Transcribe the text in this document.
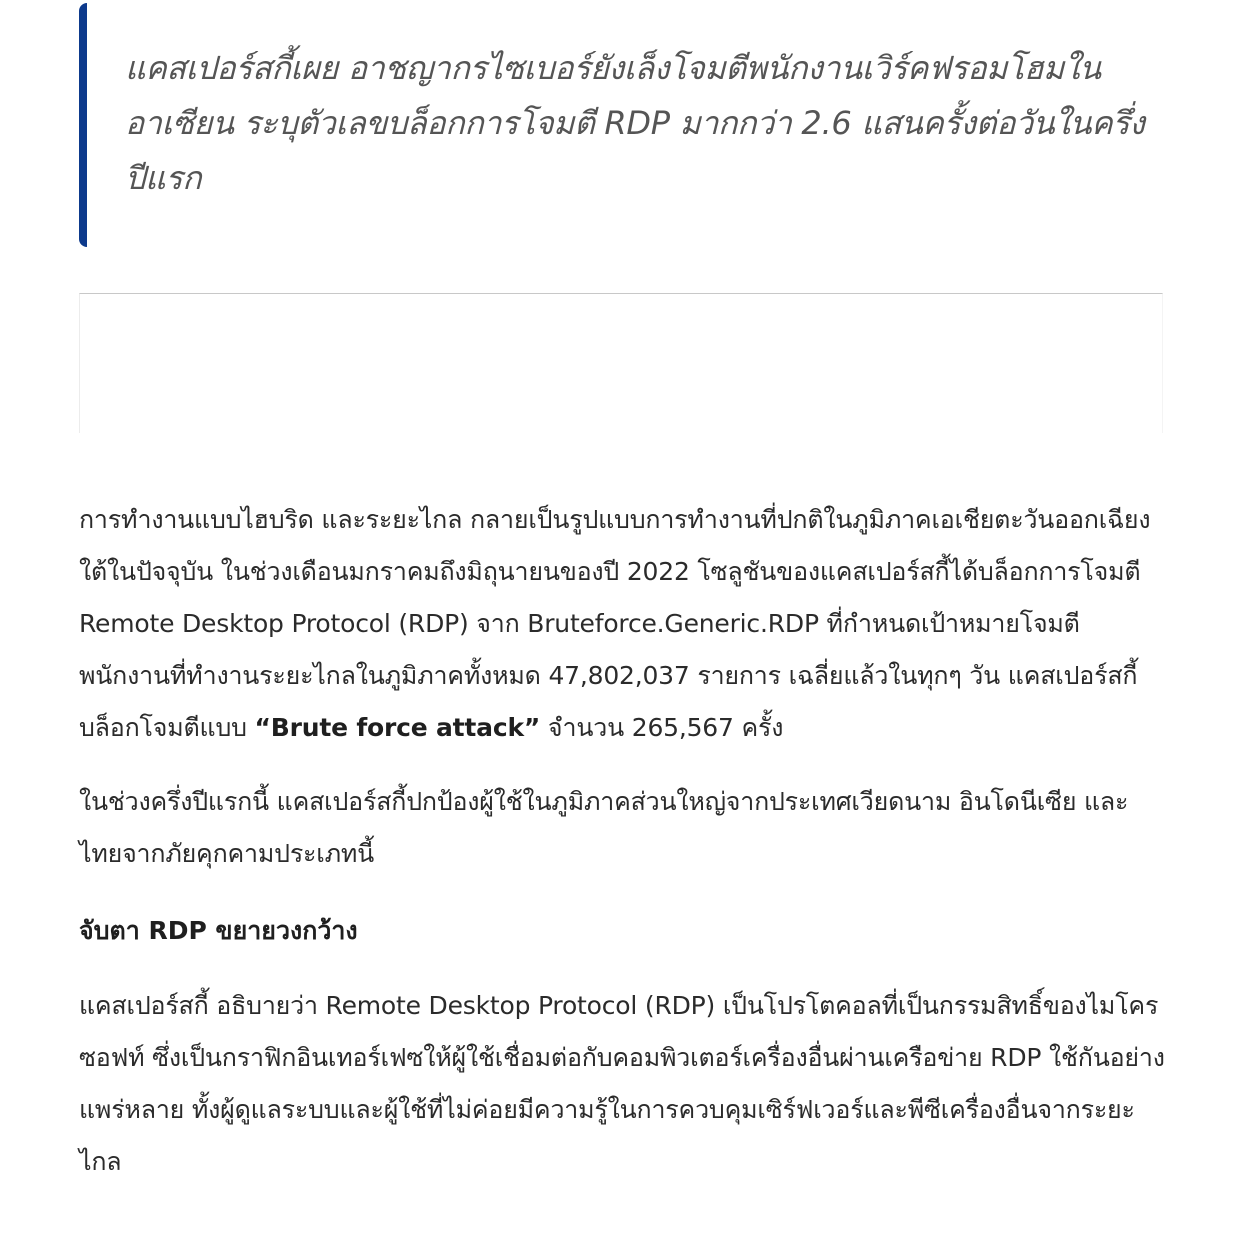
แคสเปอร์สกี้เผย อาชญากรไซเบอร์ยังเล็งโจมตีพนักงานเวิร์คฟรอมโฮมในอาเซียน ระบุตัวเลขบล็อกการโจมตี RDP มากกว่า 2.6 แสนครั้งต่อวันในครึ่งปีแรก

การทำงานแบบไฮบริด และระยะไกล กลายเป็นรูปแบบการทำงานที่ปกติในภูมิภาคเอเชียตะวันออกเฉียงใต้ในปัจจุบัน ในช่วงเดือนมกราคมถึงมิถุนายนของปี 2022 โซลูชันของแคสเปอร์สกี้ได้บล็อกการโจมตี Remote Desktop Protocol (RDP) จาก Bruteforce.Generic.RDP ที่กำหนดเป้าหมายโจมตีพนักงานที่ทำงานระยะไกลในภูมิภาคทั้งหมด 47,802,037 รายการ เฉลี่ยแล้วในทุกๆ วัน แคสเปอร์สกี้บล็อกโจมตีแบบ “Brute force attack” จำนวน 265,567 ครั้ง

ในช่วงครึ่งปีแรกนี้ แคสเปอร์สกี้ปกป้องผู้ใช้ในภูมิภาคส่วนใหญ่จากประเทศเวียดนาม อินโดนีเซีย และไทยจากภัยคุกคามประเภทนี้

จับตา RDP ขยายวงกว้าง

แคสเปอร์สกี้ อธิบายว่า Remote Desktop Protocol (RDP) เป็นโปรโตคอลที่เป็นกรรมสิทธิ์ของไมโครซอฟท์ ซึ่งเป็นกราฟิกอินเทอร์เฟซให้ผู้ใช้เชื่อมต่อกับคอมพิวเตอร์เครื่องอื่นผ่านเครือข่าย RDP ใช้กันอย่างแพร่หลาย ทั้งผู้ดูแลระบบและผู้ใช้ที่ไม่ค่อยมีความรู้ในการควบคุมเซิร์ฟเวอร์และพีซีเครื่องอื่นจากระยะไกล
